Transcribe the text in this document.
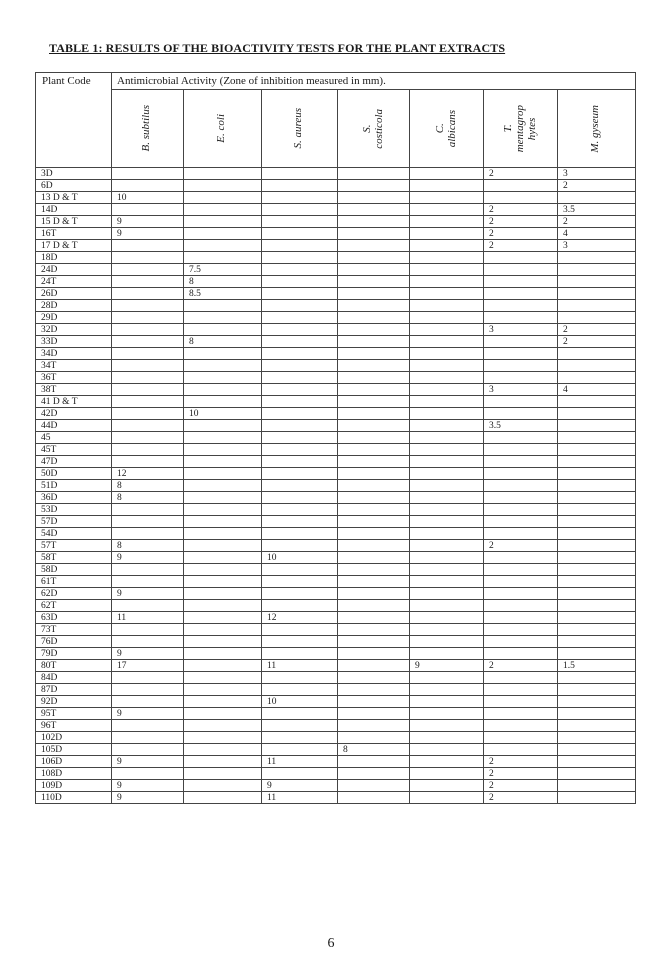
TABLE 1: RESULTS OF THE BIOACTIVITY TESTS FOR THE PLANT EXTRACTS
Plant Code	Antimicrobial Activity (Zone of inhibition measured in mm).						

	B. subtilus	E. coli	S. aureus	S. costicola	C. albicans	T. mentagrop hytes	M. gyseum

3D						2	3
6D							2
13 D & T	10						
14D						2	3.5
15 D & T	9					2	2
16T	9					2	4
17 D & T						2	3
18D							
24D		7.5					
24T		8					
26D		8.5					
28D							
29D							
32D						3	2
33D		8					2
34D							
34T							
36T							
38T						3	4
41 D & T							
42D		10					
44D						3.5	
45							
45T							
47D							
50D	12						
51D	8						
36D	8						
53D							
57D							
54D							
57T	8					2	
58T	9		10				
58D							
61T							
62D	9						
62T							
63D	11		12				
73T							
76D							
79D	9						
80T	17		11		9	2	1.5
84D							
87D							
92D			10				
95T	9						
96T							
102D							
105D				8			
106D	9		11			2	
108D						2	
109D	9		9			2	
110D	9		11			2	
6
